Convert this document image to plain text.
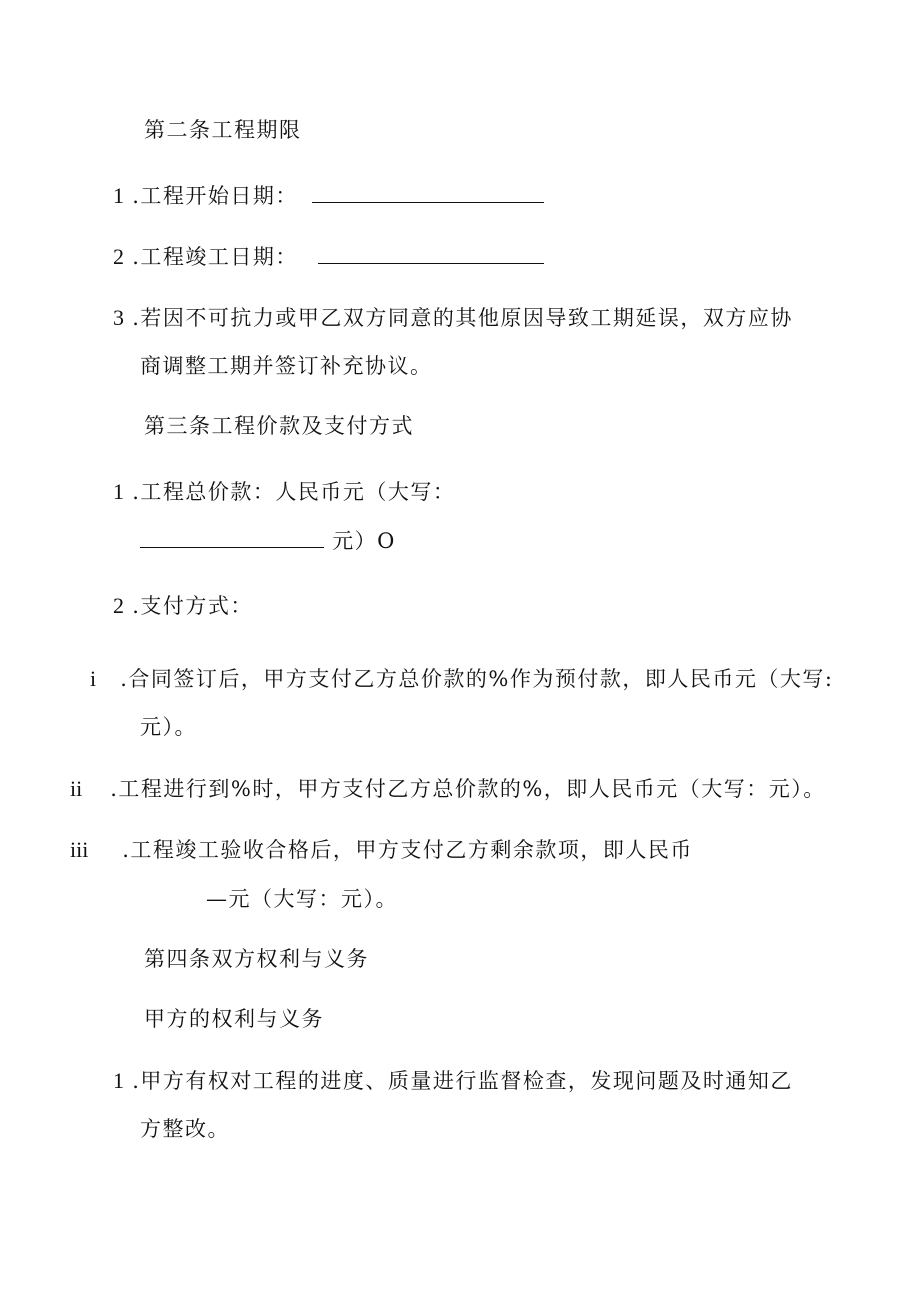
第二条工程期限
1 .工程开始日期：
2 .工程竣工日期：
3 .若因不可抗力或甲乙双方同意的其他原因导致工期延误，双方应协
商调整工期并签订补充协议。
第三条工程价款及支付方式
1 .工程总价款：人民币元（大写：
元）O
2 .支付方式：
i .合同签订后，甲方支付乙方总价款的%作为预付款，即人民币元（大写:
元）。
ii .工程进行到%时，甲方支付乙方总价款的%，即人民币元（大写：元）。
iii .工程竣工验收合格后，甲方支付乙方剩余款项，即人民币
—元（大写：元）。
第四条双方权利与义务
甲方的权利与义务
1 .甲方有权对工程的进度、质量进行监督检查，发现问题及时通知乙
方整改。
